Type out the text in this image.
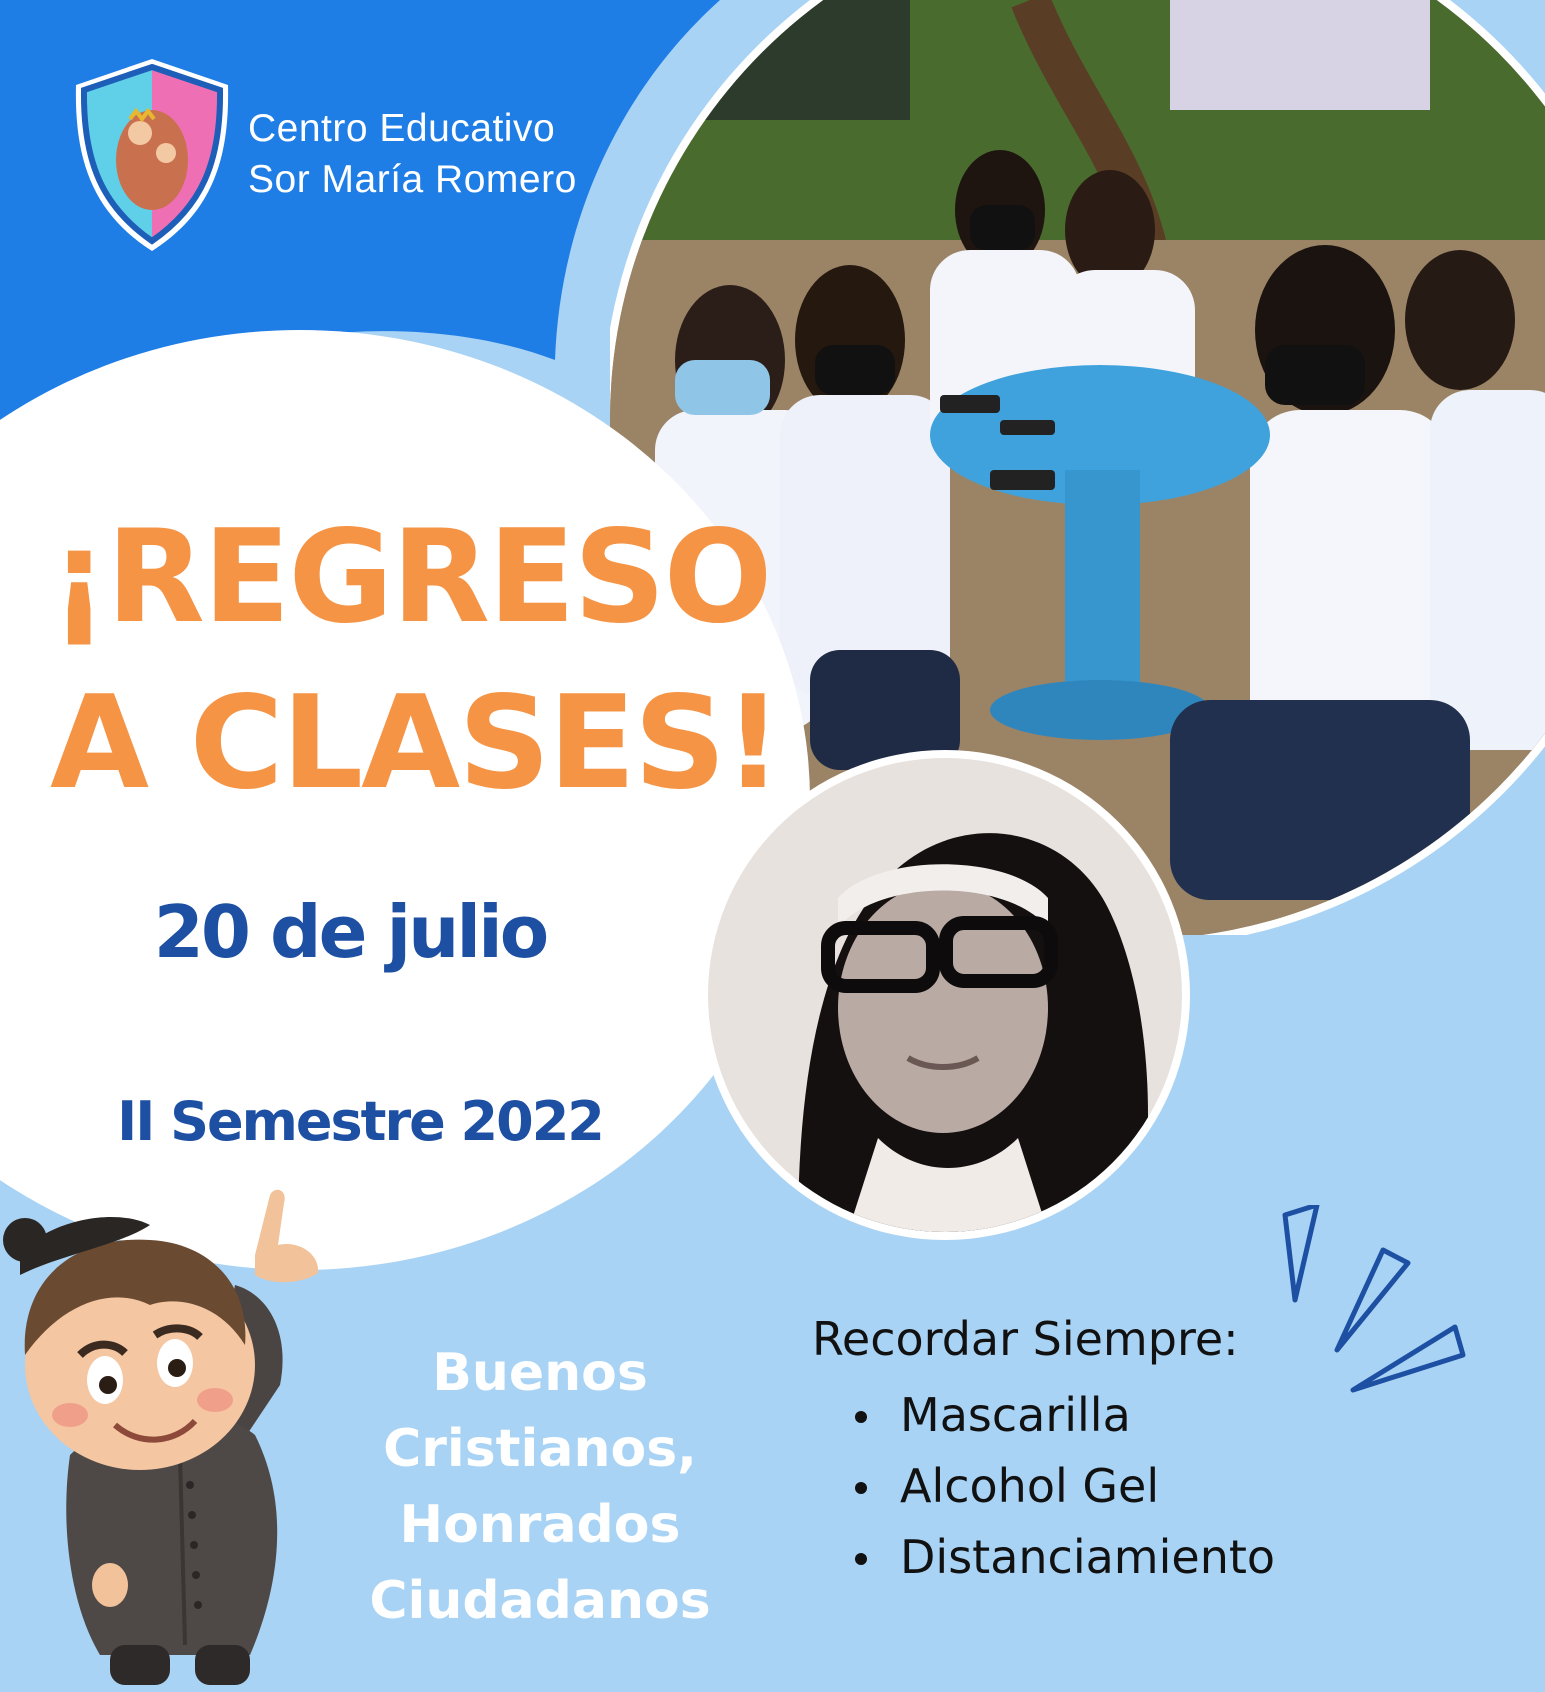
Centro Educativo
Sor María Romero
¡REGRESO
A CLASES!
20 de julio
II Semestre 2022
Buenos
Cristianos,
Honrados
Ciudadanos
Recordar Siempre:
Mascarilla
Alcohol Gel
Distanciamiento
